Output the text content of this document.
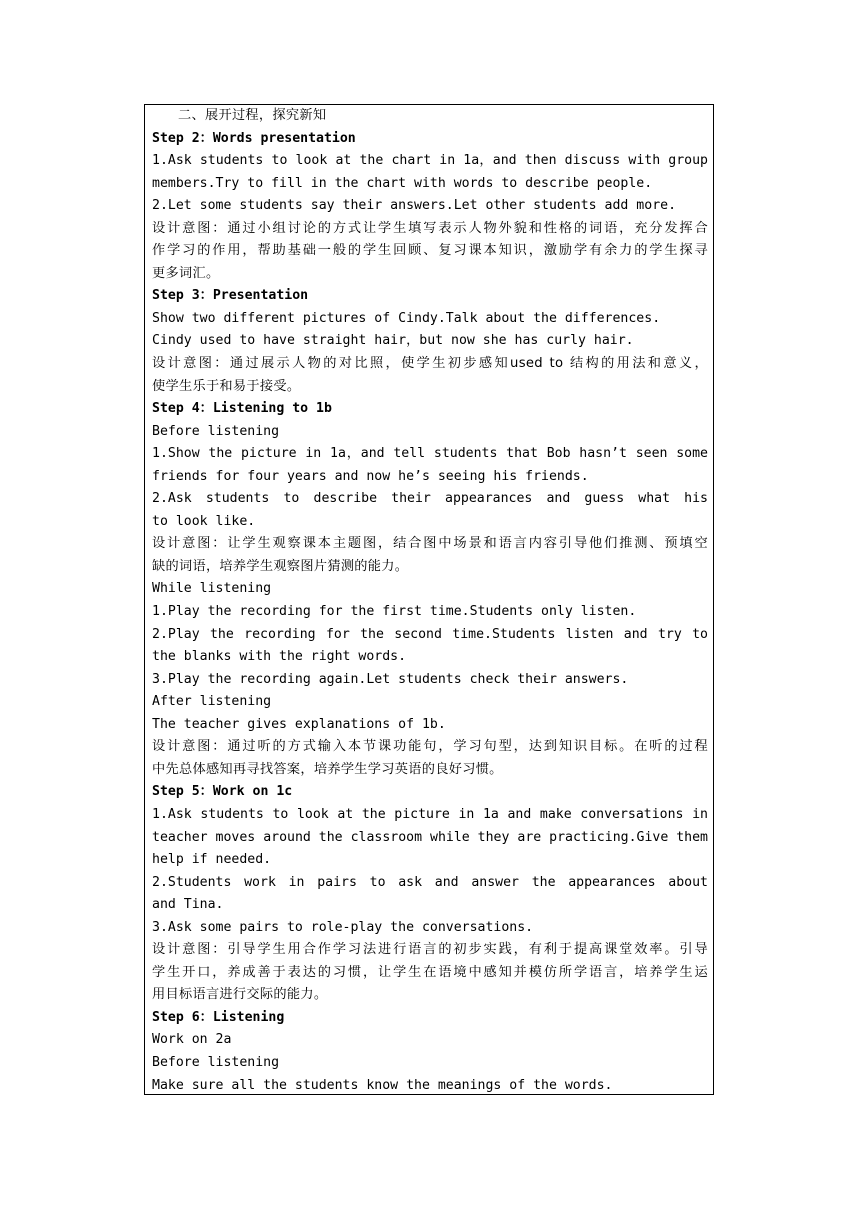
二、展开过程，探究新知
Step 2：Words presentation
1.Ask students to look at the chart in 1a，and then discuss with group
members.Try to fill in the chart with words to describe people.
2.Let some students say their answers.Let other students add more.
设计意图：通过小组讨论的方式让学生填写表示人物外貌和性格的词语，充分发挥合
作学习的作用，帮助基础一般的学生回顾、复习课本知识，激励学有余力的学生探寻
更多词汇。
Step 3：Presentation
Show two different pictures of Cindy.Talk about the differences.
Cindy used to have straight hair，but now she has curly hair.
设计意图：通过展示人物的对比照，使学生初步感知used to 结构的用法和意义，
使学生乐于和易于接受。
Step 4：Listening to 1b
Before listening
1.Show the picture in 1a，and tell students that Bob hasn’t seen some
friends for four years and now he’s seeing his friends.
2.Ask students to describe their appearances and guess what his
to look like.
设计意图：让学生观察课本主题图，结合图中场景和语言内容引导他们推测、预填空
缺的词语，培养学生观察图片猜测的能力。
While listening
1.Play the recording for the first time.Students only listen.
2.Play the recording for the second time.Students listen and try to
the blanks with the right words.
3.Play the recording again.Let students check their answers.
After listening
The teacher gives explanations of 1b.
设计意图：通过听的方式输入本节课功能句，学习句型，达到知识目标。在听的过程
中先总体感知再寻找答案，培养学生学习英语的良好习惯。
Step 5：Work on 1c
1.Ask students to look at the picture in 1a and make conversations in
teacher moves around the classroom while they are practicing.Give them
help if needed.
2.Students work in pairs to ask and answer the appearances about
and Tina.
3.Ask some pairs to role-play the conversations.
设计意图：引导学生用合作学习法进行语言的初步实践，有利于提高课堂效率。引导
学生开口，养成善于表达的习惯，让学生在语境中感知并模仿所学语言，培养学生运
用目标语言进行交际的能力。
Step 6：Listening
Work on 2a
Before listening
Make sure all the students know the meanings of the words.
